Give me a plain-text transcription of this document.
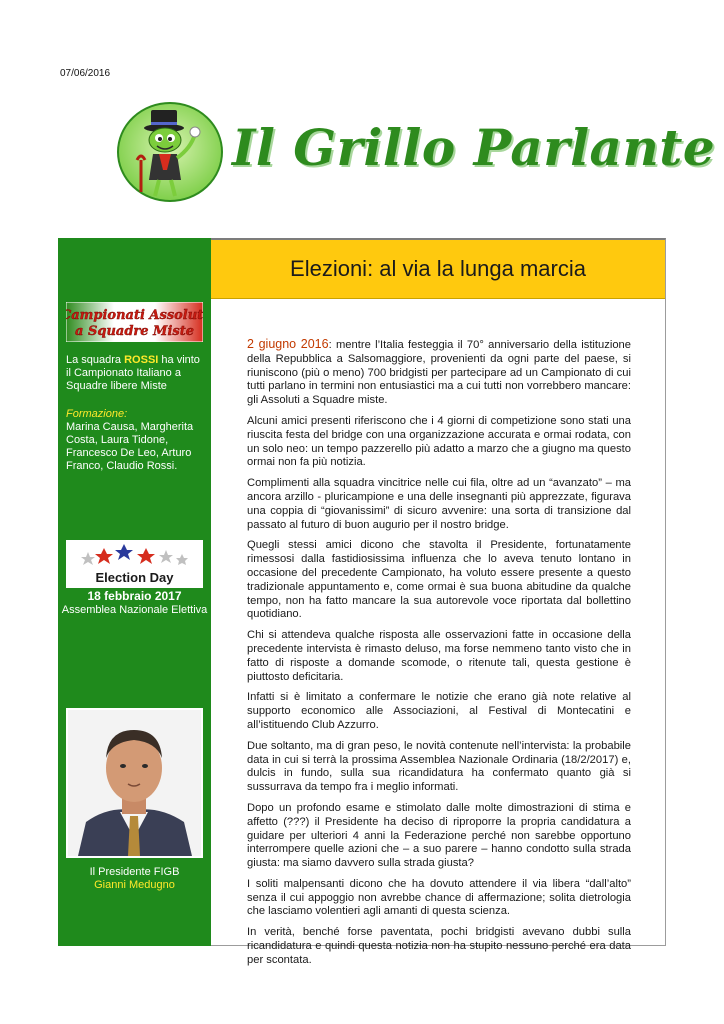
07/06/2016
Il Grillo Parlante
Campionati Assoluti
a Squadre Miste
La squadra ROSSI ha vinto il Campionato Italiano a Squadre libere Miste
Formazione:
Marina Causa, Margherita Costa, Laura Tidone, Francesco De Leo, Arturo Franco, Claudio Rossi.
Election Day
18 febbraio 2017
Assemblea Nazionale Elettiva
Il Presidente FIGB
Gianni Medugno
Elezioni: al via la lunga marcia

2 giugno 2016: mentre l’Italia festeggia il 70° anniversario della istituzione della Repubblica a Salsomaggiore, provenienti da ogni parte del paese, si riuniscono (più o meno) 700 bridgisti per partecipare ad un Campionato di cui tutti parlano in termini non entusiastici ma a cui tutti non vorrebbero mancare: gli Assoluti a Squadre miste.

Alcuni amici presenti riferiscono che i 4 giorni di competizione sono stati una riuscita festa del bridge con una organizzazione accurata e ormai rodata, con un solo neo: un tempo pazzerello più adatto a marzo che a giugno ma questo ormai non fa più notizia.

Complimenti alla squadra vincitrice nelle cui fila, oltre ad un “avanzato” – ma ancora arzillo - pluricampione e una delle insegnanti più apprezzate, figurava una coppia di “giovanissimi” di sicuro avvenire: una sorta di transizione dal passato al futuro di buon augurio per il nostro bridge.

Quegli stessi amici dicono che stavolta il Presidente, fortunatamente rimessosi dalla fastidiosissima influenza che lo aveva tenuto lontano in occasione del precedente Campionato, ha voluto essere presente a questo tradizionale appuntamento e, come ormai è sua buona abitudine da qualche tempo, non ha fatto mancare la sua autorevole voce riportata dal bollettino quotidiano.

Chi si attendeva qualche risposta alle osservazioni fatte in occasione della precedente intervista è rimasto deluso, ma forse nemmeno tanto visto che in fatto di risposte a domande scomode, o ritenute tali, questa gestione è piuttosto deficitaria.

Infatti si è limitato a confermare le notizie che erano già note relative al supporto economico alle Associazioni, al Festival di Montecatini e all’istituendo Club Azzurro.

Due soltanto, ma di gran peso, le novità contenute nell’intervista: la probabile data in cui si terrà la prossima Assemblea Nazionale Ordinaria (18/2/2017) e, dulcis in fundo, sulla sua ricandidatura ha confermato quanto già si sussurrava da tempo fra i meglio informati.

Dopo un profondo esame e stimolato dalle molte dimostrazioni di stima e affetto (???) il Presidente ha deciso di riproporre la propria candidatura a guidare per ulteriori 4 anni la Federazione perché non sarebbe opportuno interrompere quelle azioni che – a suo parere – hanno condotto sulla strada giusta: ma siamo davvero sulla strada giusta?

I soliti malpensanti dicono che ha dovuto attendere il via libera “dall’alto” senza il cui appoggio non avrebbe chance di affermazione; solita dietrologia che lasciamo volentieri agli amanti di questa scienza.

In verità, benché forse paventata, pochi bridgisti avevano dubbi sulla ricandidatura e quindi questa notizia non ha stupito nessuno perché era data per scontata.
